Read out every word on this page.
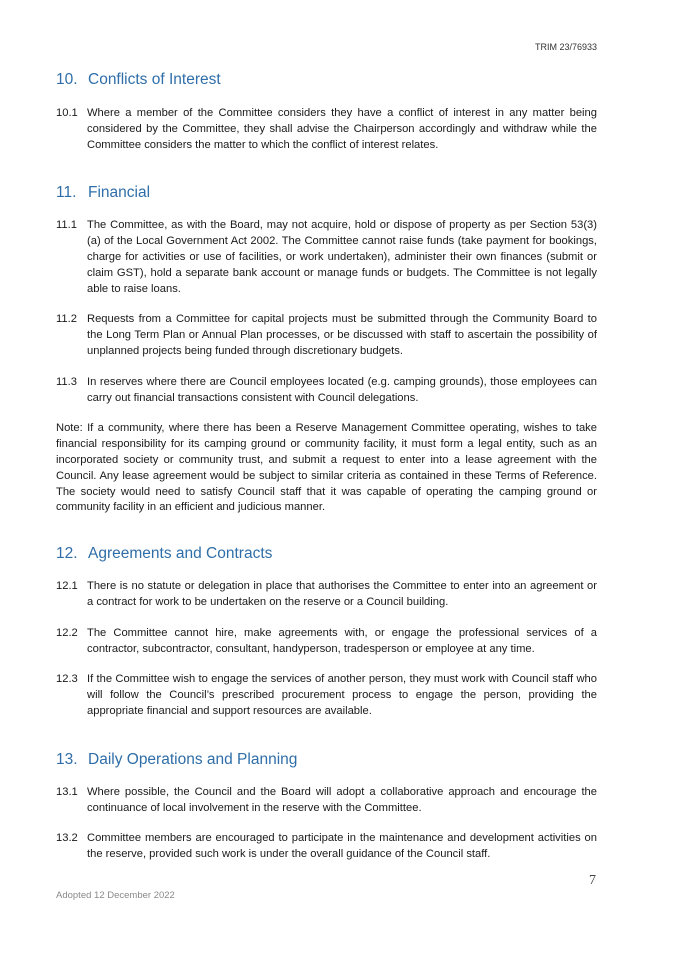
TRIM 23/76933
10. Conflicts of Interest
10.1 Where a member of the Committee considers they have a conflict of interest in any matter being considered by the Committee, they shall advise the Chairperson accordingly and withdraw while the Committee considers the matter to which the conflict of interest relates.
11. Financial
11.1 The Committee, as with the Board, may not acquire, hold or dispose of property as per Section 53(3)(a) of the Local Government Act 2002. The Committee cannot raise funds (take payment for bookings, charge for activities or use of facilities, or work undertaken), administer their own finances (submit or claim GST), hold a separate bank account or manage funds or budgets. The Committee is not legally able to raise loans.
11.2 Requests from a Committee for capital projects must be submitted through the Community Board to the Long Term Plan or Annual Plan processes, or be discussed with staff to ascertain the possibility of unplanned projects being funded through discretionary budgets.
11.3 In reserves where there are Council employees located (e.g. camping grounds), those employees can carry out financial transactions consistent with Council delegations.

Note: If a community, where there has been a Reserve Management Committee operating, wishes to take financial responsibility for its camping ground or community facility, it must form a legal entity, such as an incorporated society or community trust, and submit a request to enter into a lease agreement with the Council. Any lease agreement would be subject to similar criteria as contained in these Terms of Reference. The society would need to satisfy Council staff that it was capable of operating the camping ground or community facility in an efficient and judicious manner.

12. Agreements and Contracts
12.1 There is no statute or delegation in place that authorises the Committee to enter into an agreement or a contract for work to be undertaken on the reserve or a Council building.
12.2 The Committee cannot hire, make agreements with, or engage the professional services of a contractor, subcontractor, consultant, handyperson, tradesperson or employee at any time.
12.3 If the Committee wish to engage the services of another person, they must work with Council staff who will follow the Council’s prescribed procurement process to engage the person, providing the appropriate financial and support resources are available.
13. Daily Operations and Planning
13.1 Where possible, the Council and the Board will adopt a collaborative approach and encourage the continuance of local involvement in the reserve with the Committee.
13.2 Committee members are encouraged to participate in the maintenance and development activities on the reserve, provided such work is under the overall guidance of the Council staff.
7
Adopted 12 December 2022
